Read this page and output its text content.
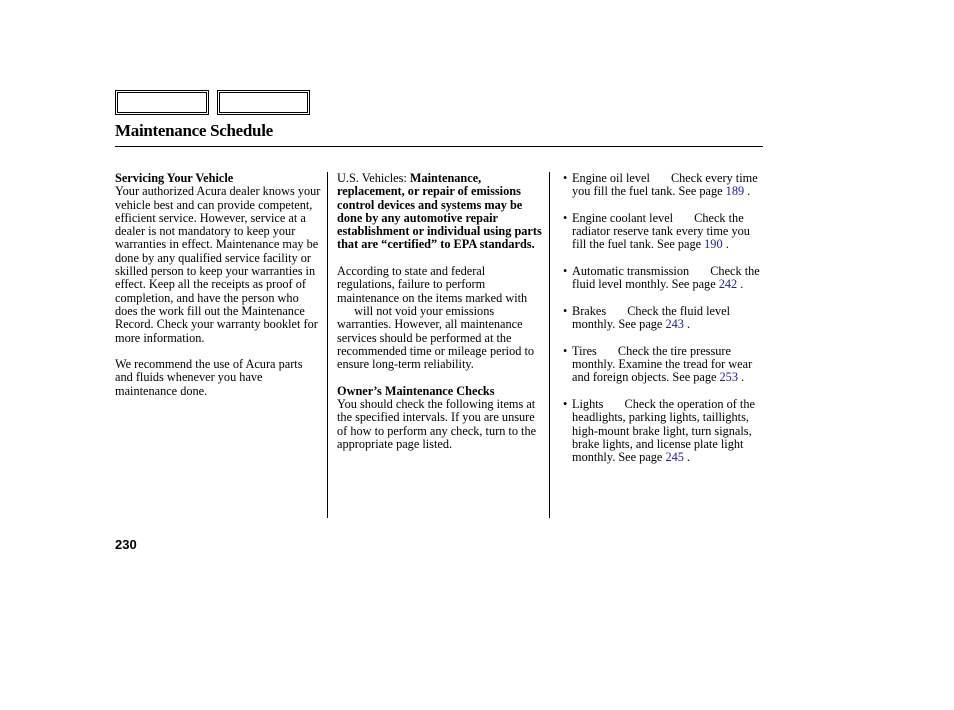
Maintenance Schedule

Servicing Your Vehicle
Your authorized Acura dealer knows your vehicle best and can provide competent, efficient service. However, service at a dealer is not mandatory to keep your warranties in effect. Maintenance may be done by any qualified service facility or skilled person to keep your warranties in effect. Keep all the receipts as proof of completion, and have the person who does the work fill out the Maintenance Record. Check your warranty booklet for more information.

We recommend the use of Acura parts and fluids whenever you have maintenance done.

U.S. Vehicles: Maintenance, replacement, or repair of emissions control devices and systems may be done by any automotive repair establishment or individual using parts that are “certified” to EPA standards.

According to state and federal regulations, failure to perform maintenance on the items marked with  will not void your emissions warranties. However, all maintenance services should be performed at the recommended time or mileage period to ensure long-term reliability.

Owner’s Maintenance Checks
You should check the following items at the specified intervals. If you are unsure of how to perform any check, turn to the appropriate page listed.

• Engine oil level Check every time you fill the fuel tank. See page 189 .
• Engine coolant level Check the radiator reserve tank every time you fill the fuel tank. See page 190 .
• Automatic transmission Check the fluid level monthly. See page 242 .
• Brakes Check the fluid level monthly. See page 243 .
• Tires Check the tire pressure monthly. Examine the tread for wear and foreign objects. See page 253 .
• Lights Check the operation of the headlights, parking lights, taillights, high-mount brake light, turn signals, brake lights, and license plate light monthly. See page 245 .
230
